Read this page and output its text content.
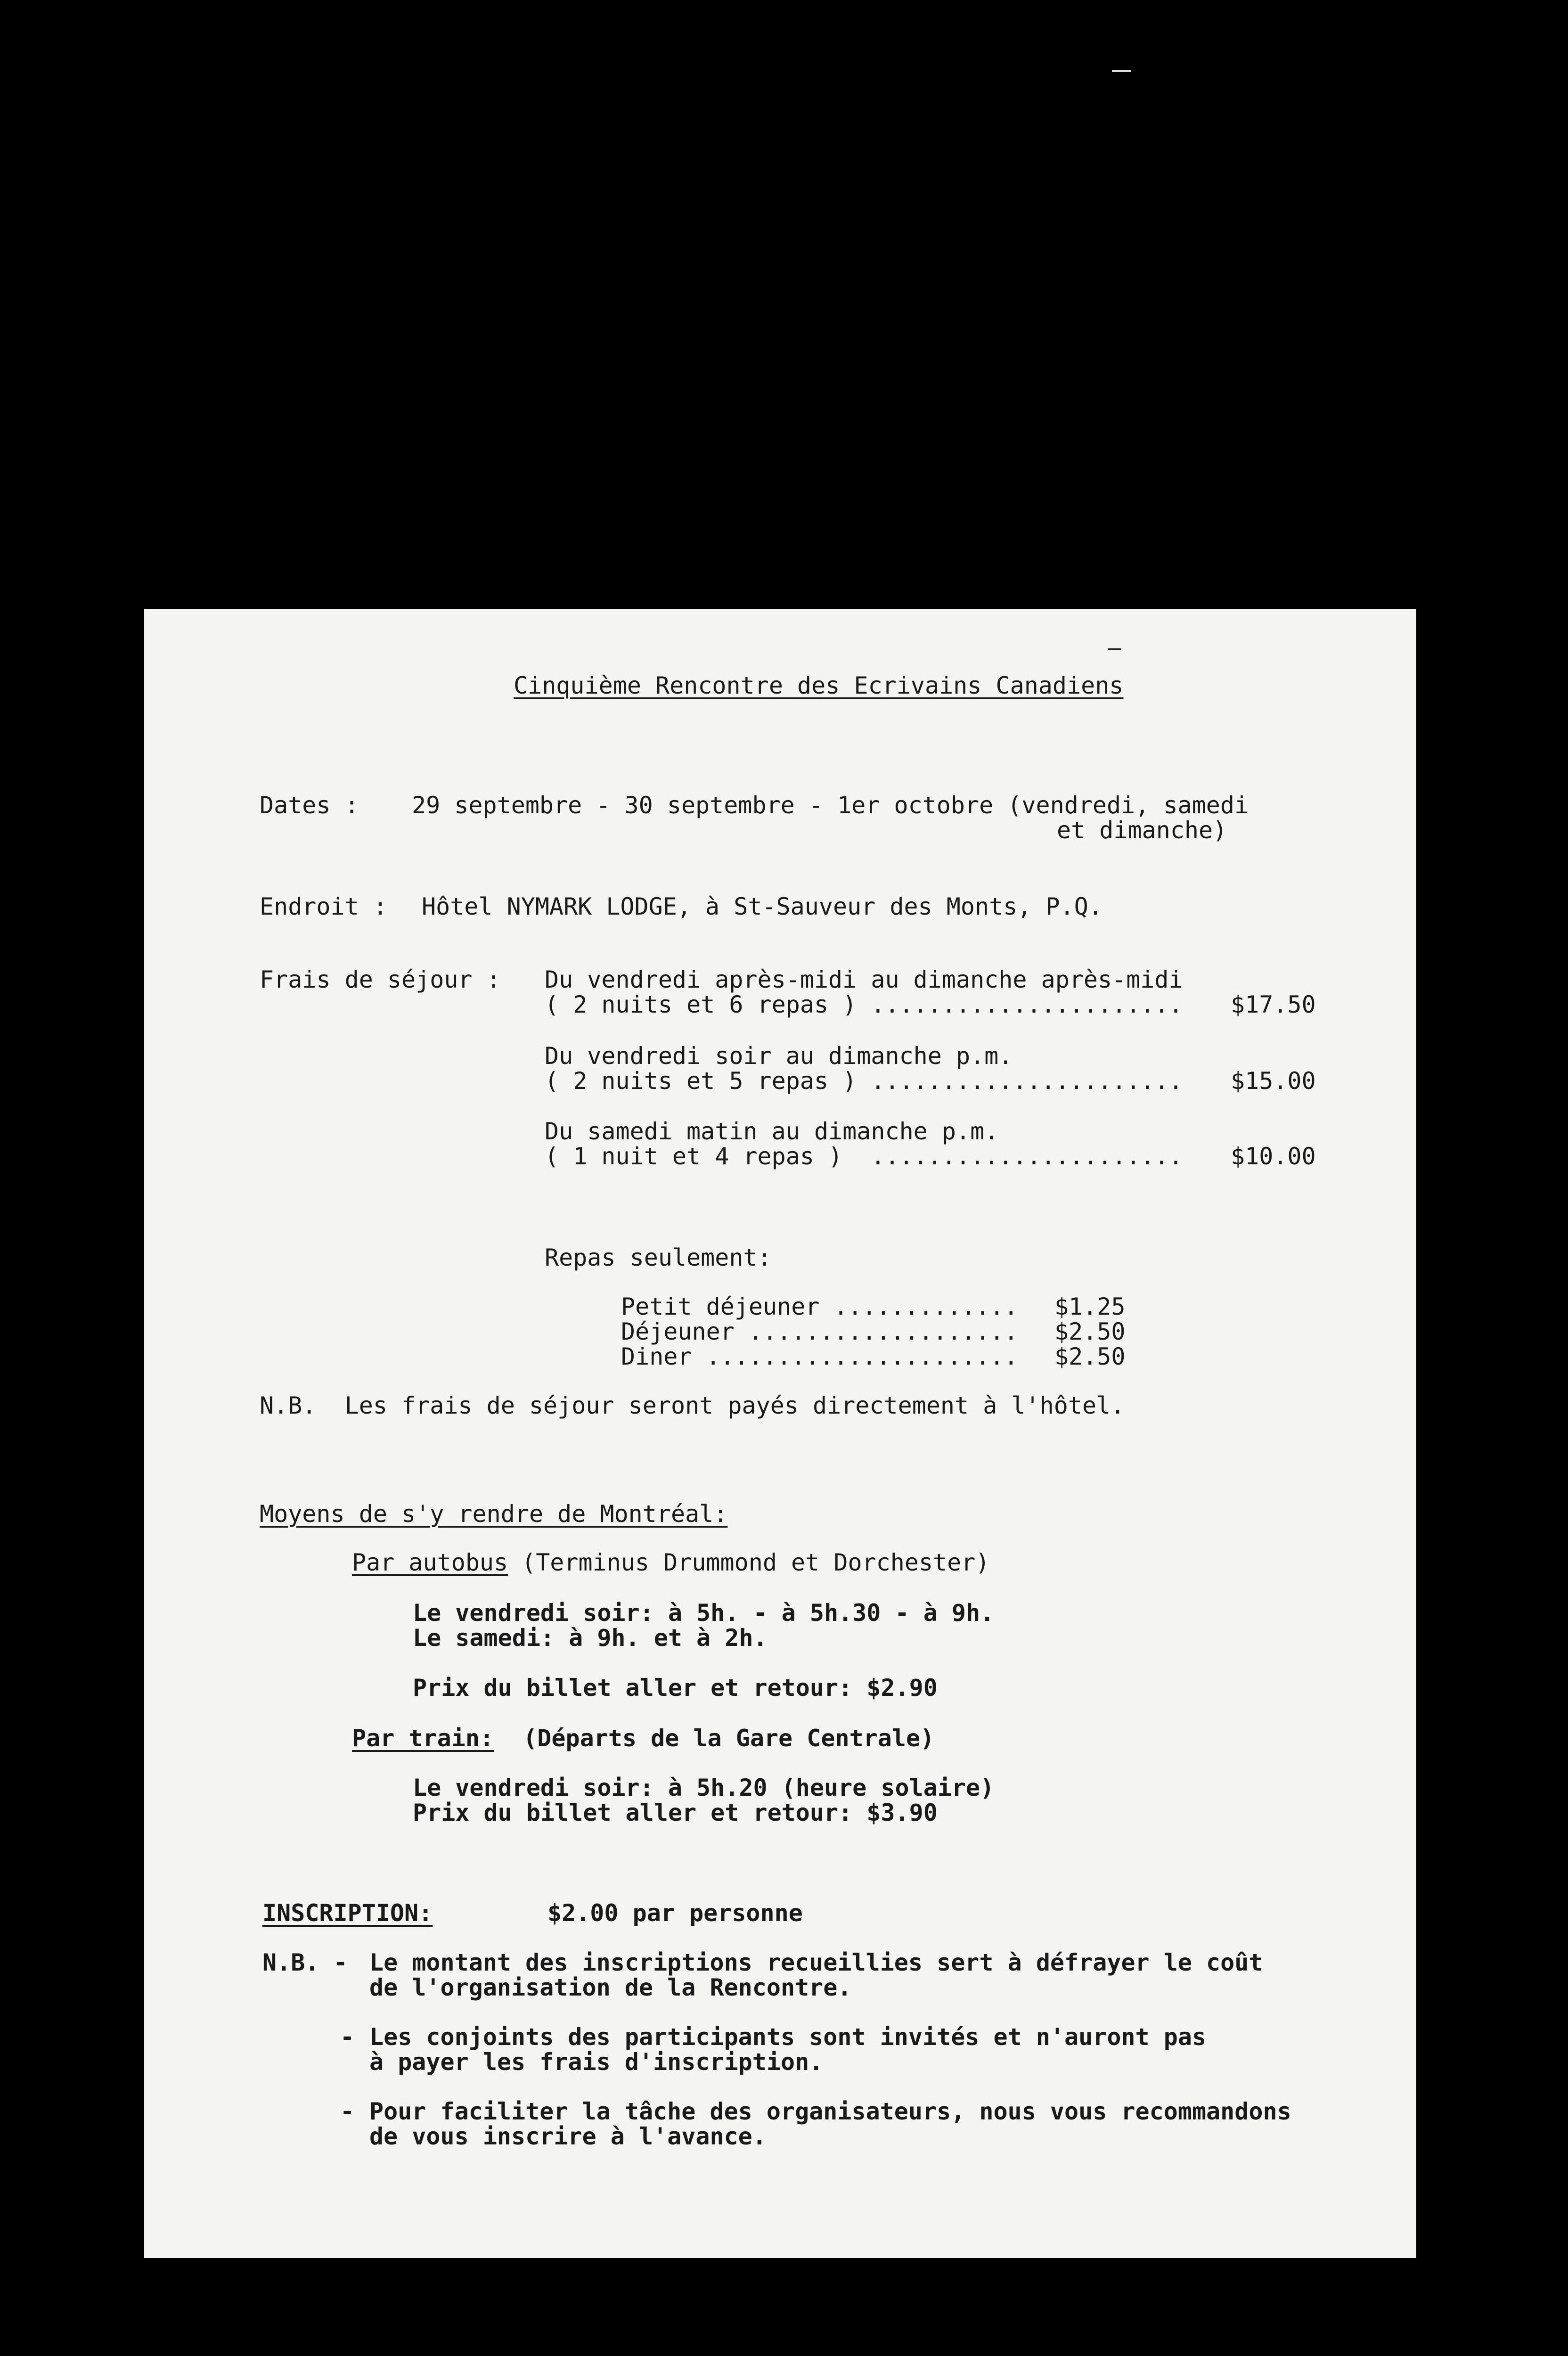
Cinquième Rencontre des Ecrivains Canadiens
Dates : 29 septembre - 30 septembre - 1er octobre (vendredi, samedi
et dimanche)
Endroit : Hôtel NYMARK LODGE, à St-Sauveur des Monts, P.Q.
Frais de séjour : Du vendredi après-midi au dimanche après-midi
( 2 nuits et 6 repas ) ...................... $17.50
Du vendredi soir au dimanche p.m.
( 2 nuits et 5 repas ) ...................... $15.00
Du samedi matin au dimanche p.m.
( 1 nuit et 4 repas )  ...................... $10.00
Repas seulement:
Petit déjeuner ............. $1.25
Déjeuner ................... $2.50
Diner ...................... $2.50
N.B.  Les frais de séjour seront payés directement à l'hôtel.
Moyens de s'y rendre de Montréal:
Par autobus
(Terminus Drummond et Dorchester)
Le vendredi soir: à 5h. - à 5h.30 - à 9h.
Le samedi: à 9h. et à 2h.
Prix du billet aller et retour: $2.90
Par train: (Départs de la Gare Centrale)
Le vendredi soir: à 5h.20 (heure solaire)
Prix du billet aller et retour: $3.90
INSCRIPTION:	$2.00 par personne
N.B. - Le montant des inscriptions recueillies sert à défrayer le coût
de l'organisation de la Rencontre.
- Les conjoints des participants sont invités et n'auront pas
à payer les frais d'inscription.
- Pour faciliter la tâche des organisateurs, nous vous recommandons
de vous inscrire à l'avance.
